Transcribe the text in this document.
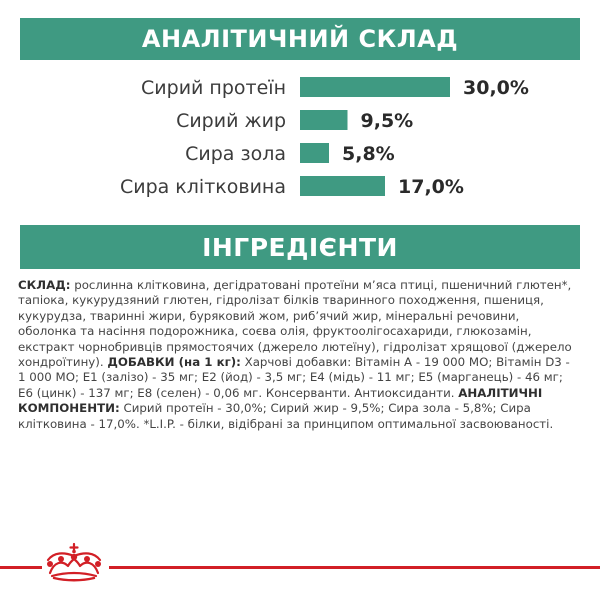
АНАЛІТИЧНИЙ СКЛАД
Сирий протеїн	30,0%
Сирий жир	9,5%
Сира зола	5,8%
Сира клітковина	17,0%
ІНГРЕДІЄНТИ

СКЛАД: рослинна клітковина, дегідратовані протеїни м’яса птиці, пшеничний глютен*, тапіока, кукурудзяний глютен, гідролізат білків тваринного походження, пшениця, кукурудза, тваринні жири, буряковий жом, риб’ячий жир, мінеральні речовини, оболонка та насіння подорожника, соєва олія, фруктоолігосахариди, глюкозамін, екстракт чорнобривців прямостоячих (джерело лютеїну), гідролізат хрящової (джерело хондроїтину). ДОБАВКИ (на 1 кг): Харчові добавки: Вітамін A - 19 000 МО; Вітамін D3 - 1 000 МО; E1 (залізо) - 35 мг; E2 (йод) - 3,5 мг; E4 (мідь) - 11 мг; E5 (марганець) - 46 мг; E6 (цинк) - 137 мг; E8 (селен) - 0,06 мг. Консерванти. Антиоксиданти. АНАЛІТИЧНІ КОМПОНЕНТИ: Сирий протеїн - 30,0%; Сирий жир - 9,5%; Сира зола - 5,8%; Сира клітковина - 17,0%. *L.I.P. - білки, відібрані за принципом оптимальної засвоюваності.
